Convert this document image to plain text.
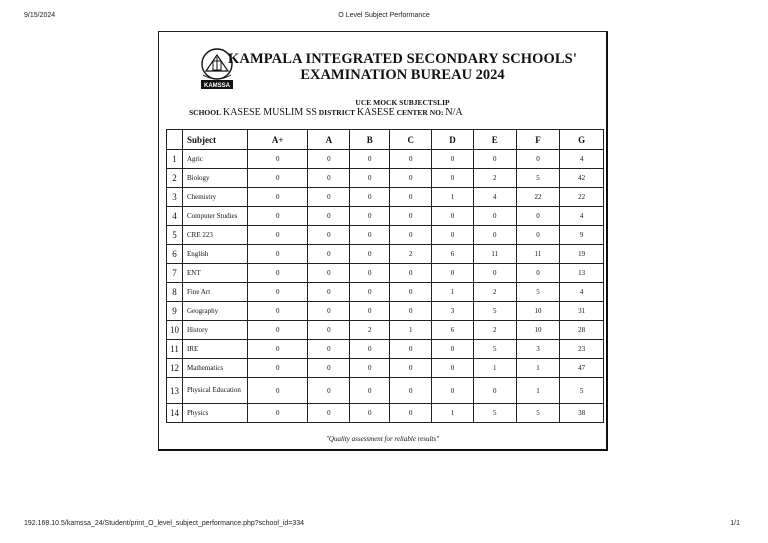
9/15/2024	O Level Subject Performance
KAMSSA
KAMPALA INTEGRATED SECONDARY SCHOOLS'
EXAMINATION BUREAU 2024
UCE MOCK SUBJECTSLIP
SCHOOL KASESE MUSLIM SS DISTRICT KASESE CENTER NO: N/A
	Subject	A+	A	B	C	D	E	F	G
1	Agric	0	0	0	0	0	0	0	4
2	Biology	0	0	0	0	0	2	5	42
3	Chemistry	0	0	0	0	1	4	22	22
4	Computer Studies	0	0	0	0	0	0	0	4
5	CRE 223	0	0	0	0	0	0	0	9
6	English	0	0	0	2	6	11	11	19
7	ENT	0	0	0	0	0	0	0	13
8	Fine Art	0	0	0	0	1	2	5	4
9	Geography	0	0	0	0	3	5	10	31
10	History	0	0	2	1	6	2	10	28
11	IRE	0	0	0	0	0	5	3	23
12	Mathematics	0	0	0	0	0	1	1	47
13	Physical Education	0	0	0	0	0	0	1	5
14	Physics	0	0	0	0	1	5	5	38
"Quality assessment for reliable results"
192.168.10.5/kamssa_24/Student/print_O_level_subject_performance.php?school_id=334	1/1
